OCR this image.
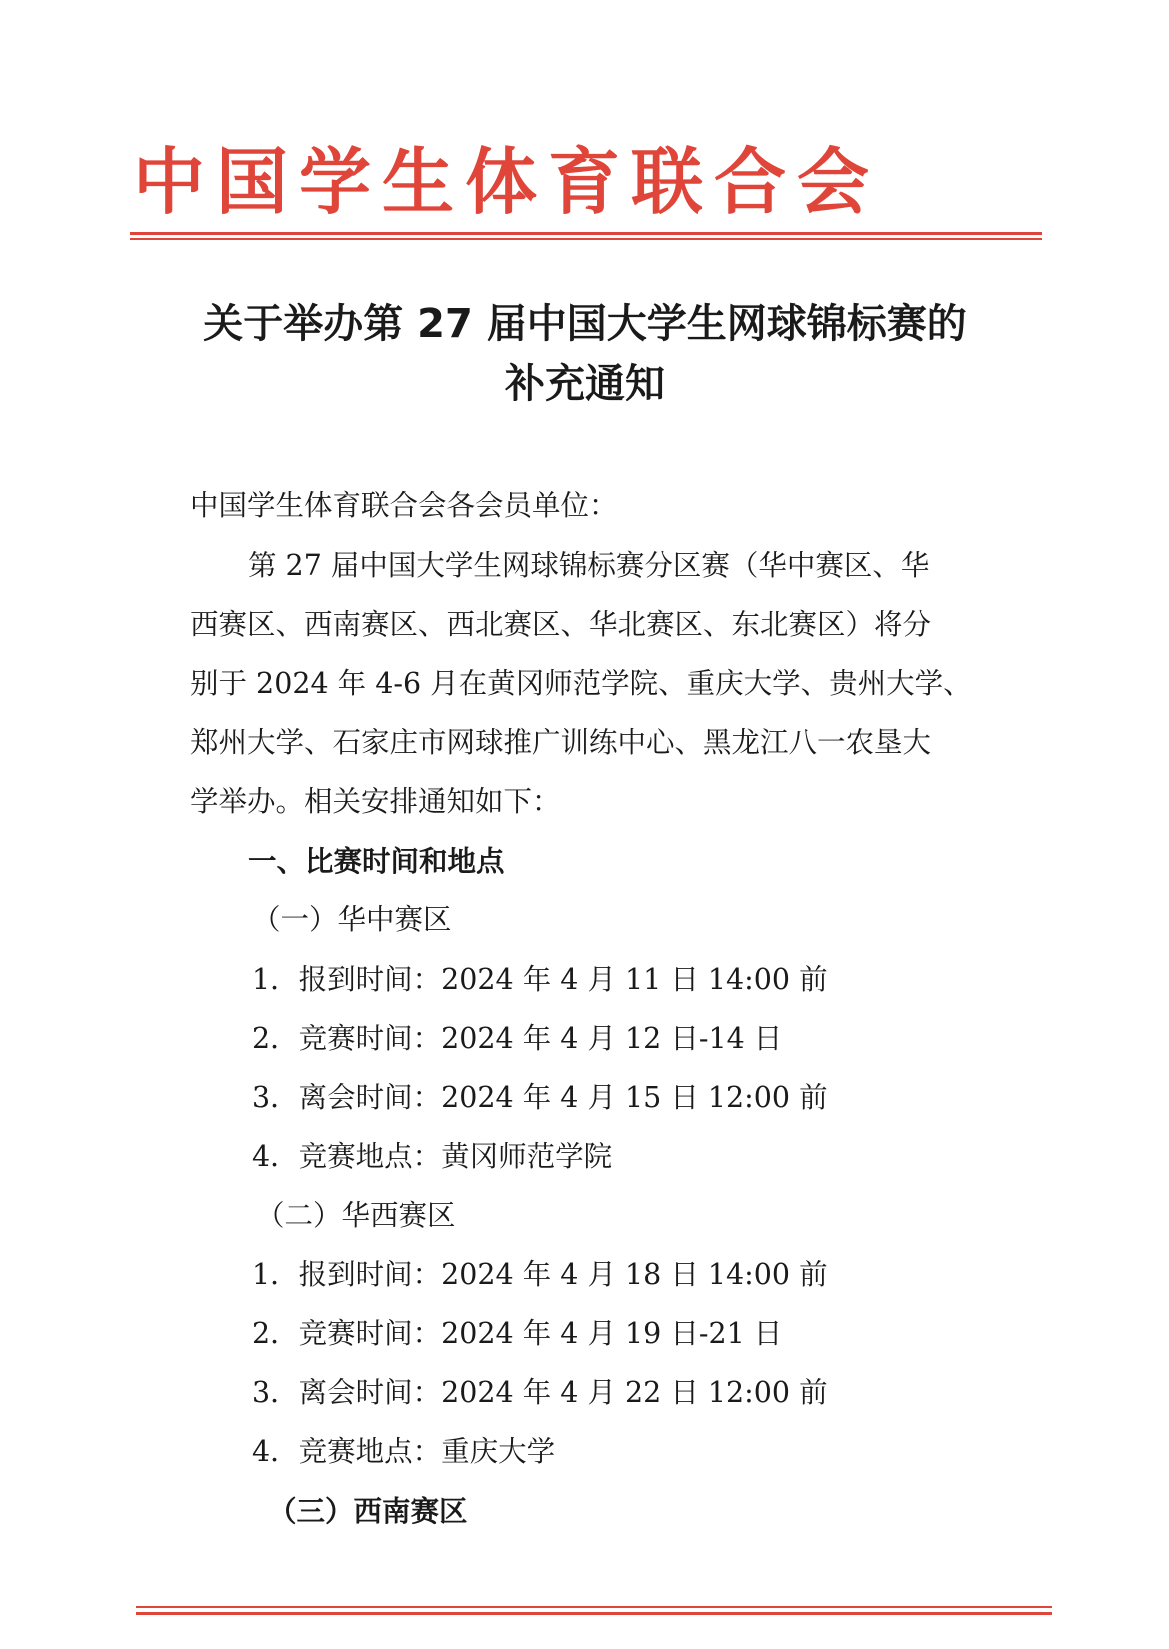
中国学生体育联合会
关于举办第 27 届中国大学生网球锦标赛的
补充通知
中国学生体育联合会各会员单位：
第 27 届中国大学生网球锦标赛分区赛（华中赛区、华
西赛区、西南赛区、西北赛区、华北赛区、东北赛区）将分
别于 2024 年 4-6 月在黄冈师范学院、重庆大学、贵州大学、
郑州大学、石家庄市网球推广训练中心、黑龙江八一农垦大
学举办。相关安排通知如下：
一、比赛时间和地点
（一）华中赛区
1．报到时间：2024 年 4 月 11 日 14:00 前
2．竞赛时间：2024 年 4 月 12 日-14 日
3．离会时间：2024 年 4 月 15 日 12:00 前
4．竞赛地点：黄冈师范学院
（二）华西赛区
1．报到时间：2024 年 4 月 18 日 14:00 前
2．竞赛时间：2024 年 4 月 19 日-21 日
3．离会时间：2024 年 4 月 22 日 12:00 前
4．竞赛地点：重庆大学
（三）西南赛区
